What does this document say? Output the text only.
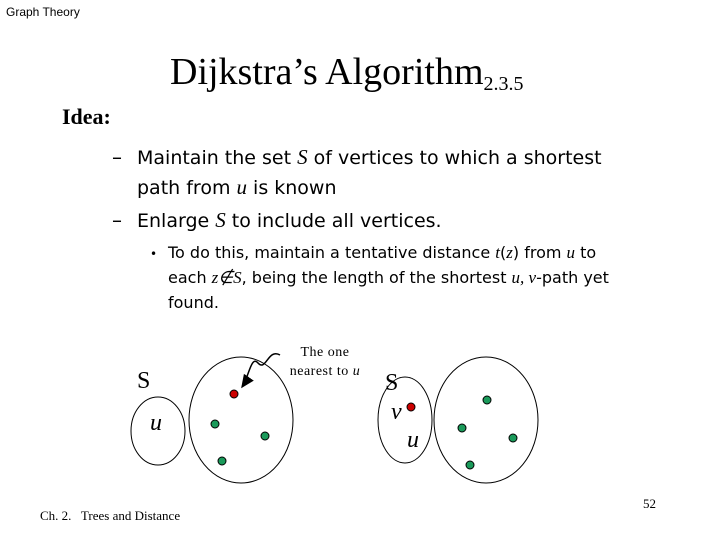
Graph Theory
Dijkstra’s Algorithm$_{2.3.5}$
Idea:
– Maintain the set S of vertices to which a shortest
path from u is known
– Enlarge S to include all vertices.
• To do this, maintain a tentative distance t(z) from u to
each z∉S, being the length of the shortest u, v-path yet
found.
The one
nearest to u
S
u
S
v
u
Ch. 2.   Trees and Distance
52
